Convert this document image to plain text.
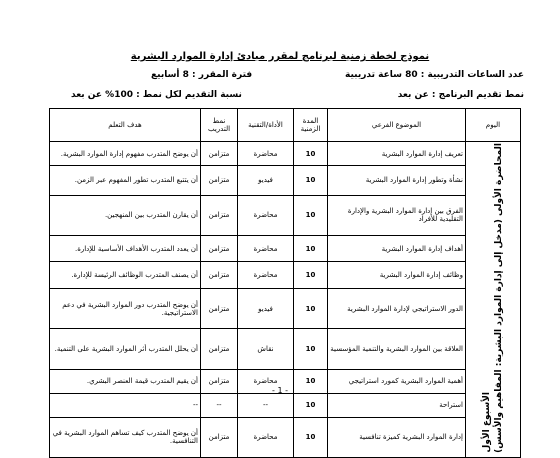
نموذج لخطة زمنية لبرنامج لمقرر مبادئ إدارة الموارد البشرية
عدد الساعات التدريبية : 80 ساعة تدريبية
فترة المقرر : 8 أسابيع
نمط تقديم البرنامج : عن بعد
نسبة التقديم لكل نمط : 100% عن بعد
اليوم	الموضوع الفرعي	المدة الزمنية	الأداة/التقنية	نمط التدريب	هدف التعلم
المحاضرة الأولى (مدخل إلى إدارة الموارد البشرية: المفاهيم والأسس)الأسبوع الأول	تعريف إدارة الموارد البشرية	10	محاضرة	متزامن	أن يوضح المتدرب مفهوم إدارة الموارد البشرية.
	نشأة وتطور إدارة الموارد البشرية	10	فيديو	متزامن	أن يتتبع المتدرب تطور المفهوم عبر الزمن.
	الفرق بين إدارة الموارد البشرية والإدارة التقليدية للأفراد	10	محاضرة	متزامن	أن يقارن المتدرب بين المنهجين.
	أهداف إدارة الموارد البشرية	10	محاضرة	متزامن	أن يعدد المتدرب الأهداف الأساسية للإدارة.
	وظائف إدارة الموارد البشرية	10	محاضرة	متزامن	أن يصنف المتدرب الوظائف الرئيسة للإدارة.
	الدور الاستراتيجي لإدارة الموارد البشرية	10	فيديو	متزامن	أن يوضح المتدرب دور الموارد البشرية في دعم الاستراتيجية.
	العلاقة بين الموارد البشرية والتنمية المؤسسية	10	نقاش	متزامن	أن يحلل المتدرب أثر الموارد البشرية على التنمية.
	أهمية الموارد البشرية كمورد استراتيجي	10	محاضرة	متزامن	أن يقيم المتدرب قيمة العنصر البشري.
	استراحة	10	--	--	--
	إدارة الموارد البشرية كميزة تنافسية	10	محاضرة	متزامن	أن يوضح المتدرب كيف تساهم الموارد البشرية في التنافسية.
- 1 -
